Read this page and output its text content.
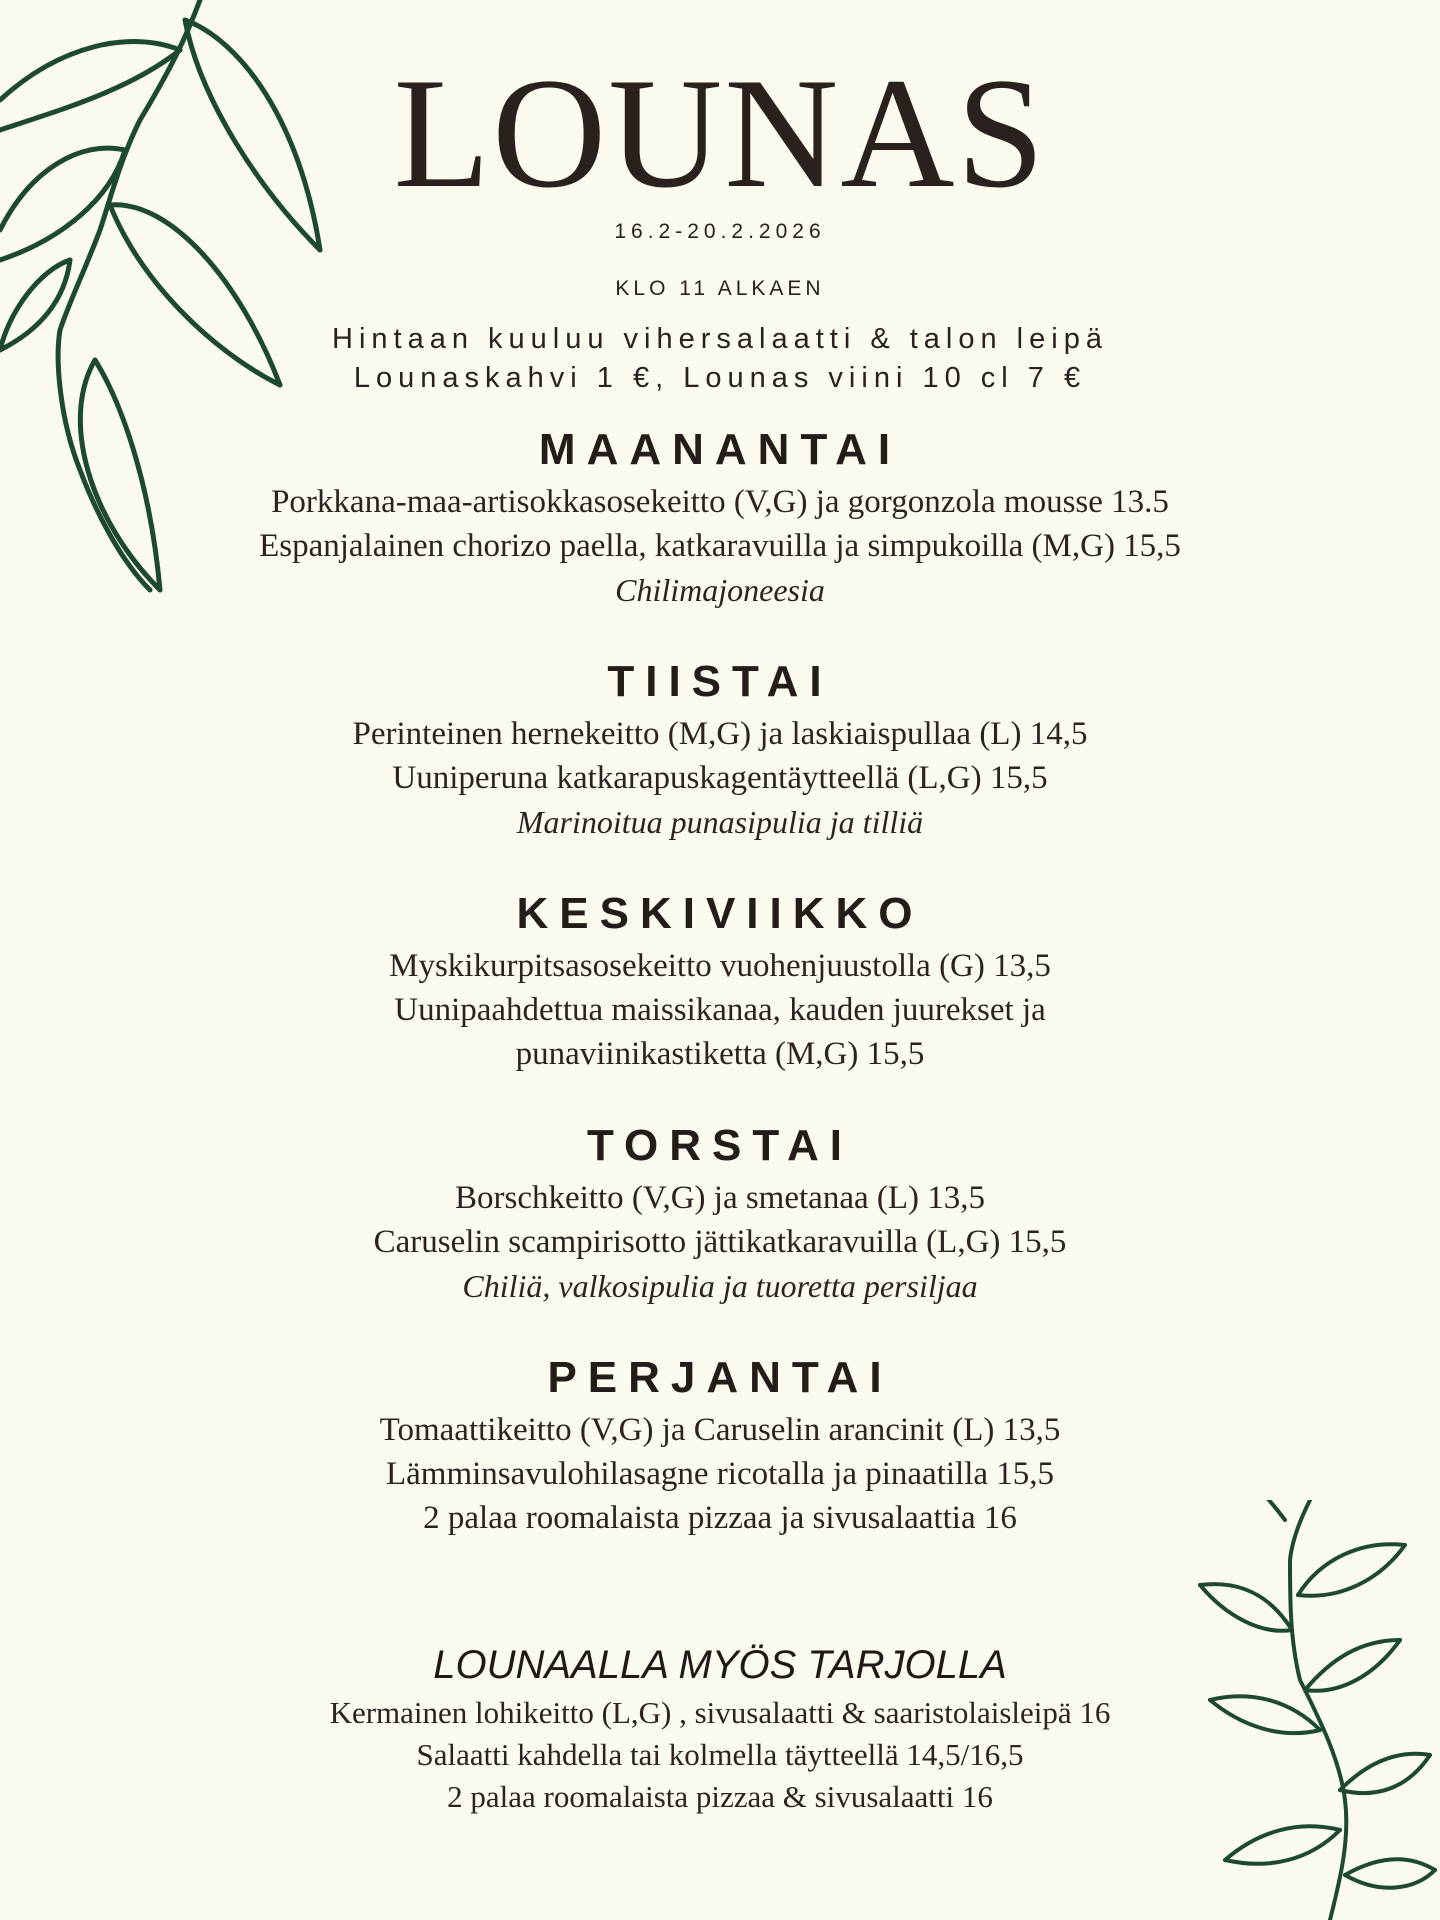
LOUNAS
16.2-20.2.2026
KLO 11 ALKAEN
Hintaan kuuluu vihersalaatti & talon leipä
Lounaskahvi 1 €, Lounas viini 10 cl 7 €
MAANANTAI
Porkkana-maa-artisokkasosekeitto (V,G) ja gorgonzola mousse 13.5
Espanjalainen chorizo paella, katkaravuilla ja simpukoilla (M,G) 15,5
Chilimajoneesia
TIISTAI
Perinteinen hernekeitto (M,G) ja laskiaispullaa (L) 14,5
Uuniperuna katkarapuskagentäytteellä (L,G) 15,5
Marinoitua punasipulia ja tilliä
KESKIVIIKKO
Myskikurpitsasosekeitto vuohenjuustolla (G) 13,5
Uunipaahdettua maissikanaa, kauden juurekset ja
punaviinikastiketta (M,G) 15,5
TORSTAI
Borschkeitto (V,G) ja smetanaa (L) 13,5
Caruselin scampirisotto jättikatkaravuilla (L,G) 15,5
Chiliä, valkosipulia ja tuoretta persiljaa
PERJANTAI
Tomaattikeitto (V,G) ja Caruselin arancinit (L) 13,5
Lämminsavulohilasagne ricotalla ja pinaatilla 15,5
2 palaa roomalaista pizzaa ja sivusalaattia 16
LOUNAALLA MYÖS TARJOLLA
Kermainen lohikeitto (L,G) , sivusalaatti & saaristolaisleipä 16
Salaatti kahdella tai kolmella täytteellä 14,5/16,5
2 palaa roomalaista pizzaa & sivusalaatti 16
